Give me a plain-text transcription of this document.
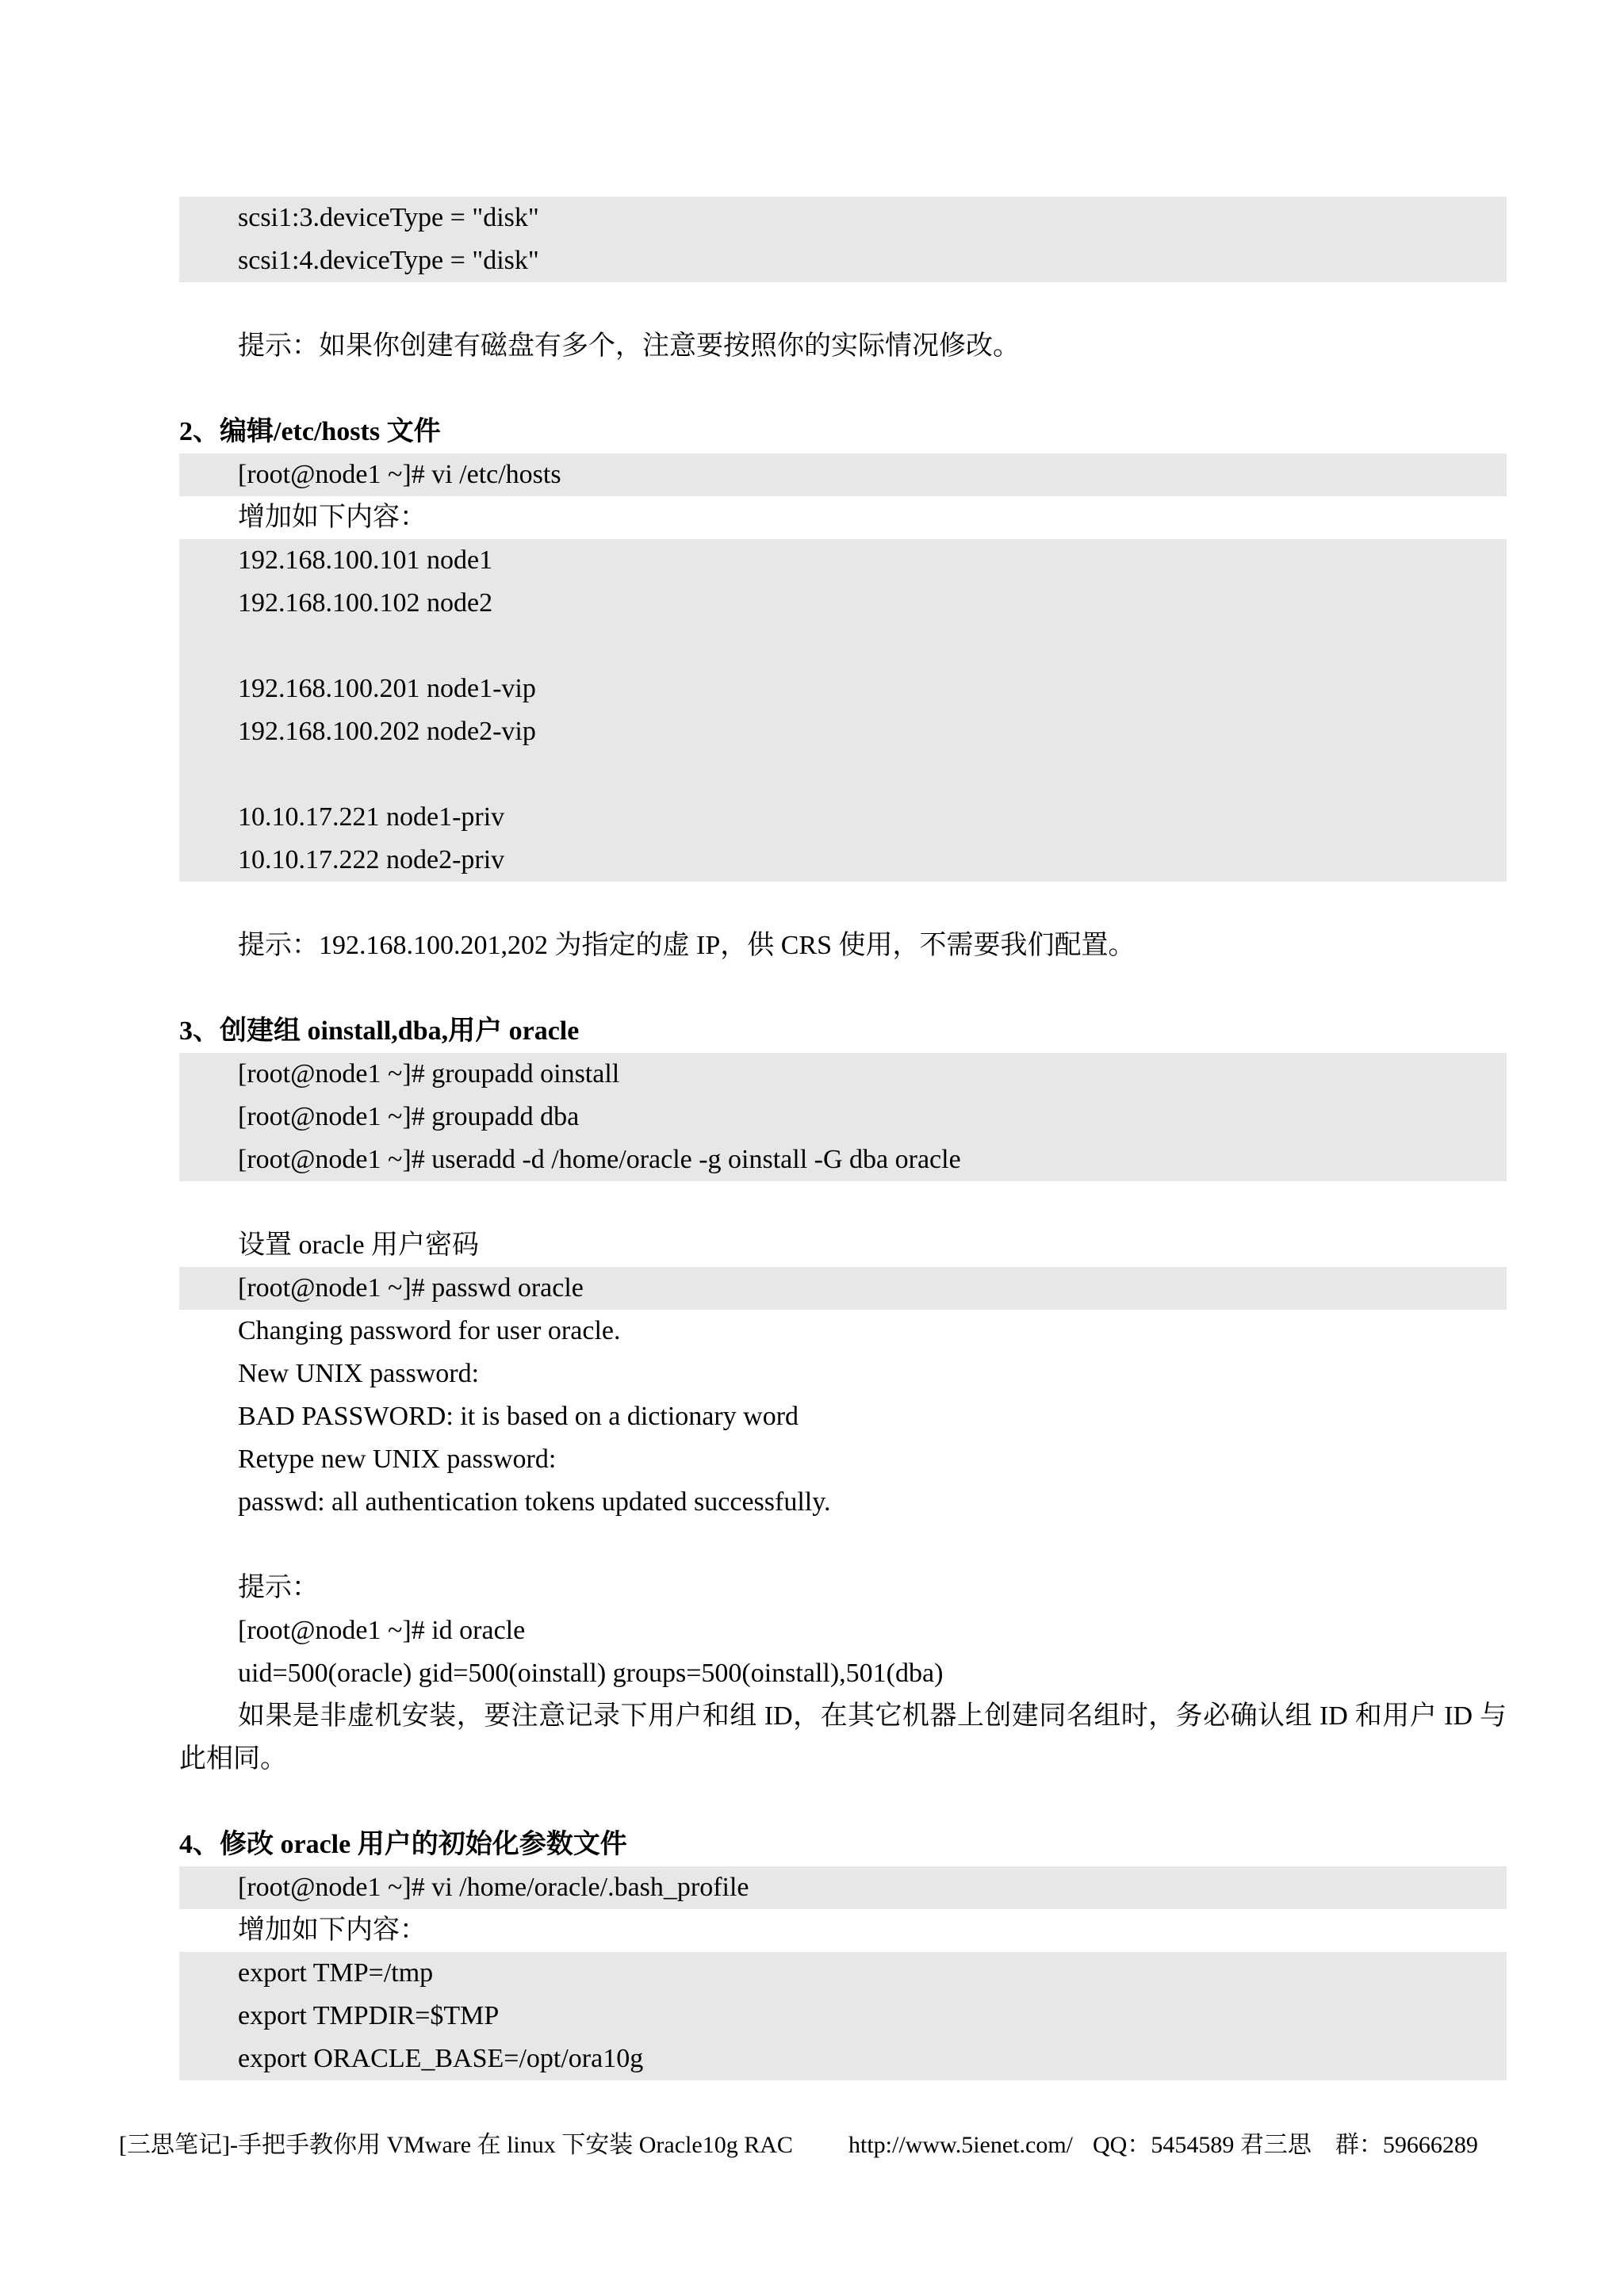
scsi1:3.deviceType = "disk"
scsi1:4.deviceType = "disk"
提示：如果你创建有磁盘有多个，注意要按照你的实际情况修改。
2、编辑/etc/hosts 文件
[root@node1 ~]# vi /etc/hosts
增加如下内容：
192.168.100.101 node1
192.168.100.102 node2
192.168.100.201 node1-vip
192.168.100.202 node2-vip
10.10.17.221 node1-priv
10.10.17.222 node2-priv
提示：192.168.100.201,202 为指定的虚 IP，供 CRS 使用，不需要我们配置。
3、创建组 oinstall,dba,用户 oracle
[root@node1 ~]# groupadd oinstall
[root@node1 ~]# groupadd dba
[root@node1 ~]# useradd -d /home/oracle -g oinstall -G dba oracle
设置 oracle 用户密码
[root@node1 ~]# passwd oracle
Changing password for user oracle.
New UNIX password:
BAD PASSWORD: it is based on a dictionary word
Retype new UNIX password:
passwd: all authentication tokens updated successfully.
提示：
[root@node1 ~]# id oracle
uid=500(oracle) gid=500(oinstall) groups=500(oinstall),501(dba)
如果是非虚机安装，要注意记录下用户和组 ID，在其它机器上创建同名组时，务必确认组 ID 和用户 ID 与此相同。
4、修改 oracle 用户的初始化参数文件
[root@node1 ~]# vi /home/oracle/.bash_profile
增加如下内容：
export TMP=/tmp
export TMPDIR=$TMP
export ORACLE_BASE=/opt/ora10g
[三思笔记]-手把手教你用 VMware 在 linux 下安装 Oracle10g RAC	http://www.5ienet.com/ QQ：5454589 君三思　群：59666289
